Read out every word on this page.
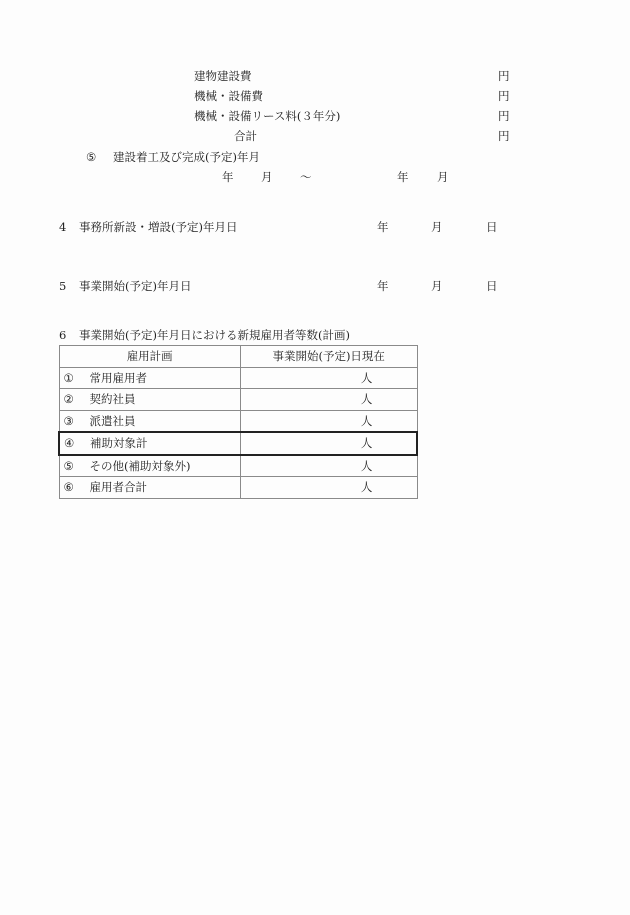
建物建設費	円
機械・設備費	円
機械・設備リース料(３年分)	円
合計	円
⑤ 建設着工及び完成(予定)年月
年 月 ～	年 月
4 事務所新設・増設(予定)年月日	年	月	日
5 事業開始(予定)年月日	年	月	日
6 事業開始(予定)年月日における新規雇用者等数(計画)
雇用計画	事業開始(予定)日現在
① 常用雇用者	人
② 契約社員	人
③ 派遣社員	人
④ 補助対象計	人
⑤ その他(補助対象外)	人
⑥ 雇用者合計	人
